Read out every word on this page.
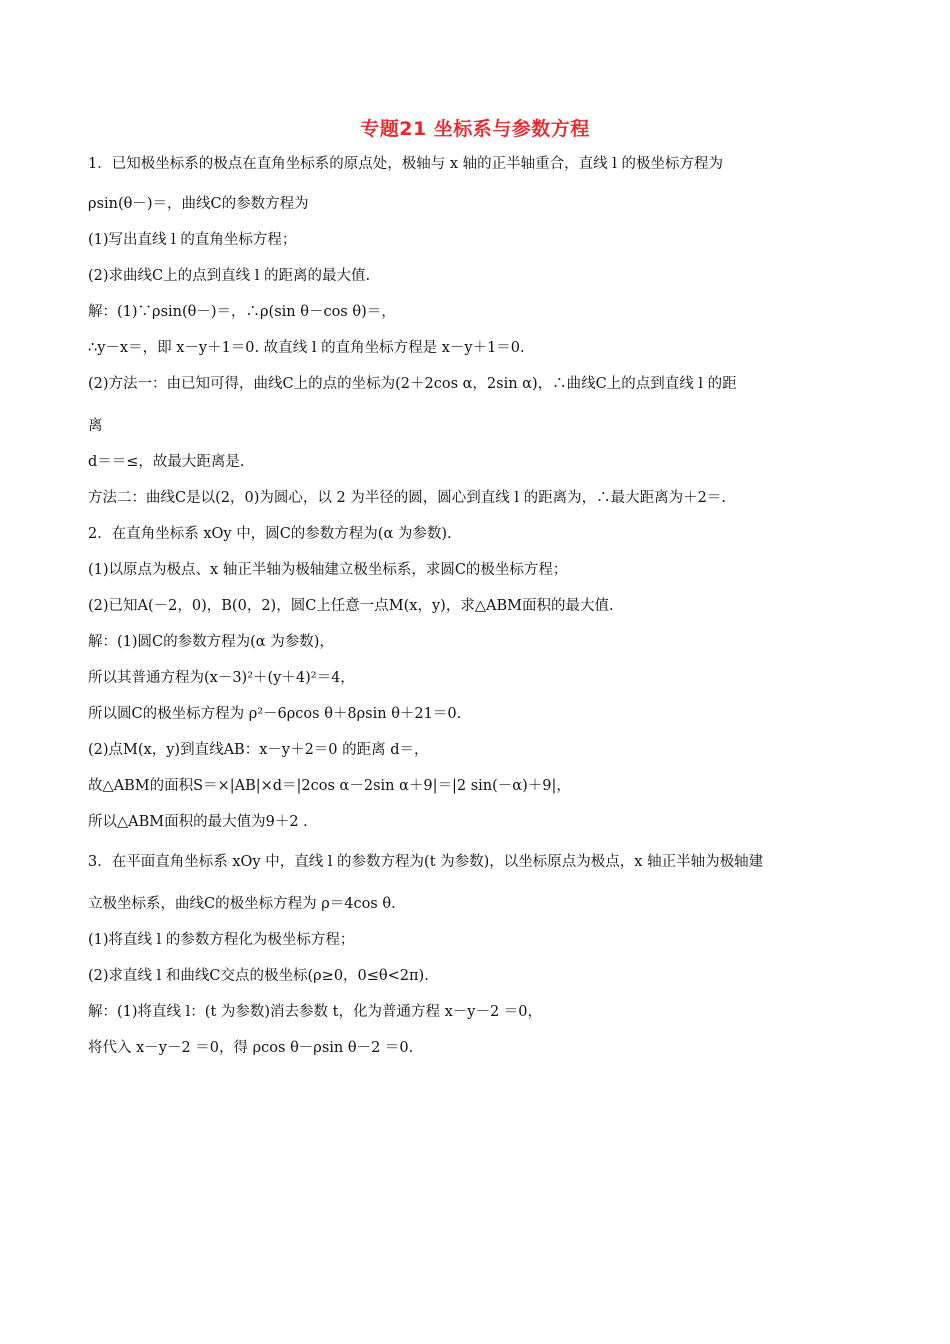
专题21 坐标系与参数方程
1．已知极坐标系的极点在直角坐标系的原点处，极轴与 x 轴的正半轴重合，直线 l 的极坐标方程为
ρsin(θ－)＝，曲线C的参数方程为
(1)写出直线 l 的直角坐标方程；
(2)求曲线C上的点到直线 l 的距离的最大值.
解：(1)∵ρsin(θ－)＝，∴ρ(sin θ－cos θ)＝，
∴y－x＝，即 x－y＋1＝0. 故直线 l 的直角坐标方程是 x－y＋1＝0.
(2)方法一：由已知可得，曲线C上的点的坐标为(2＋2cos α，2sin α)，∴曲线C上的点到直线 l 的距
离
d＝＝≤，故最大距离是.
方法二：曲线C是以(2，0)为圆心，以 2 为半径的圆，圆心到直线 l 的距离为，∴最大距离为＋2＝.
2．在直角坐标系 xOy 中，圆C的参数方程为(α 为参数).
(1)以原点为极点、x 轴正半轴为极轴建立极坐标系，求圆C的极坐标方程；
(2)已知A(－2，0)，B(0，2)，圆C上任意一点M(x，y)，求△ABM面积的最大值.
解：(1)圆C的参数方程为(α 为参数)，
所以其普通方程为(x－3)²＋(y＋4)²＝4，
所以圆C的极坐标方程为 ρ²－6ρcos θ＋8ρsin θ＋21＝0.
(2)点M(x，y)到直线AB：x－y＋2＝0 的距离 d＝，
故△ABM的面积S＝×|AB|×d＝|2cos α－2sin α＋9|＝|2 sin(－α)＋9|，
所以△ABM面积的最大值为9＋2 .
3．在平面直角坐标系 xOy 中，直线 l 的参数方程为(t 为参数)，以坐标原点为极点，x 轴正半轴为极轴建
立极坐标系，曲线C的极坐标方程为 ρ＝4cos θ.
(1)将直线 l 的参数方程化为极坐标方程；
(2)求直线 l 和曲线C交点的极坐标(ρ≥0，0≤θ<2π).
解：(1)将直线 l：(t 为参数)消去参数 t，化为普通方程 x－y－2 ＝0，
将代入 x－y－2 ＝0，得 ρcos θ－ρsin θ－2 ＝0.
